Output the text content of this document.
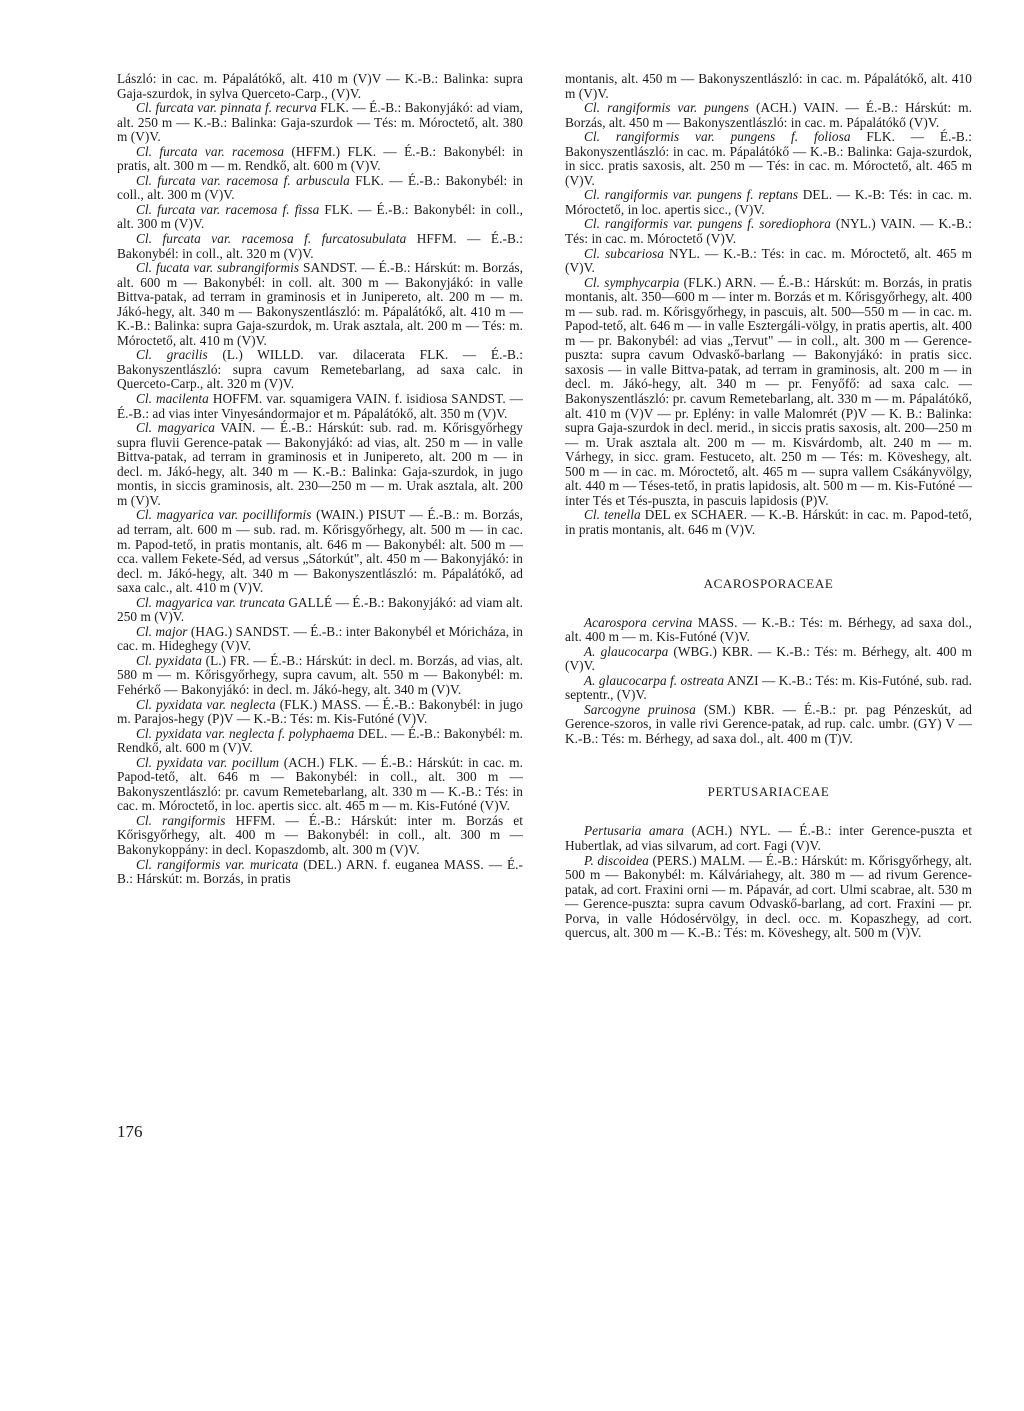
László: in cac. m. Pápalátókő, alt. 410 m (V)V — K.-B.: Balinka: supra Gaja-szurdok, in sylva Querceto-Carp., (V)V.

Cl. furcata var. pinnata f. recurva FLK. — É.-B.: Bakonyjákó: ad viam, alt. 250 m — K.-B.: Balinka: Gaja-szurdok — Tés: m. Móroctető, alt. 380 m (V)V.

Cl. furcata var. racemosa (HFFM.) FLK. — É.-B.: Bakonybél: in pratis, alt. 300 m — m. Rendkő, alt. 600 m (V)V.

Cl. furcata var. racemosa f. arbuscula FLK. — É.-B.: Bakonybél: in coll., alt. 300 m (V)V.

Cl. furcata var. racemosa f. fissa FLK. — É.-B.: Bakonybél: in coll., alt. 300 m (V)V.

Cl. furcata var. racemosa f. furcatosubulata HFFM. — É.-B.: Bakonybél: in coll., alt. 320 m (V)V.

Cl. fucata var. subrangiformis SANDST. — É.-B.: Hárskút: m. Borzás, alt. 600 m — Bakonybél: in coll. alt. 300 m — Bakonyjákó: in valle Bittva-patak, ad terram in graminosis et in Junipereto, alt. 200 m — m. Jákó-hegy, alt. 340 m — Bakonyszentlászló: m. Pápalátókő, alt. 410 m — K.-B.: Balinka: supra Gaja-szurdok, m. Urak asztala, alt. 200 m — Tés: m. Móroctető, alt. 410 m (V)V.

Cl. gracilis (L.) WILLD. var. dilacerata FLK. — É.-B.: Bakonyszentlászló: supra cavum Remetebarlang, ad saxa calc. in Querceto-Carp., alt. 320 m (V)V.

Cl. macilenta HOFFM. var. squamigera VAIN. f. isidiosa SANDST. — É.-B.: ad vias inter Vinyesándormajor et m. Pápalátókő, alt. 350 m (V)V.

Cl. magyarica VAIN. — É.-B.: Hárskút: sub. rad. m. Kőrisgyőrhegy supra fluvii Gerence-patak — Bakonyjákó: ad vias, alt. 250 m — in valle Bittva-patak, ad terram in graminosis et in Junipereto, alt. 200 m — in decl. m. Jákó-hegy, alt. 340 m — K.-B.: Balinka: Gaja-szurdok, in jugo montis, in siccis graminosis, alt. 230—250 m — m. Urak asztala, alt. 200 m (V)V.

Cl. magyarica var. pocilliformis (WAIN.) PISUT — É.-B.: m. Borzás, ad terram, alt. 600 m — sub. rad. m. Kőrisgyőrhegy, alt. 500 m — in cac. m. Papod-tető, in pratis montanis, alt. 646 m — Bakonybél: alt. 500 m — cca. vallem Fekete-Séd, ad versus „Sátorkút", alt. 450 m — Bakonyjákó: in decl. m. Jákó-hegy, alt. 340 m — Bakonyszentlászló: m. Pápalátókő, ad saxa calc., alt. 410 m (V)V.

Cl. magyarica var. truncata GALLÉ — É.-B.: Bakonyjákó: ad viam alt. 250 m (V)V.

Cl. major (HAG.) SANDST. — É.-B.: inter Bakonybél et Móricháza, in cac. m. Hideghegy (V)V.

Cl. pyxidata (L.) FR. — É.-B.: Hárskút: in decl. m. Borzás, ad vias, alt. 580 m — m. Kőrisgyőrhegy, supra cavum, alt. 550 m — Bakonybél: m. Fehérkő — Bakonyjákó: in decl. m. Jákó-hegy, alt. 340 m (V)V.

Cl. pyxidata var. neglecta (FLK.) MASS. — É.-B.: Bakonybél: in jugo m. Parajos-hegy (P)V — K.-B.: Tés: m. Kis-Futóné (V)V.

Cl. pyxidata var. neglecta f. polyphaema DEL. — É.-B.: Bakonybél: m. Rendkő, alt. 600 m (V)V.

Cl. pyxidata var. pocillum (ACH.) FLK. — É.-B.: Hárskút: in cac. m. Papod-tető, alt. 646 m — Bakonybél: in coll., alt. 300 m — Bakonyszentlászló: pr. cavum Remetebarlang, alt. 330 m — K.-B.: Tés: in cac. m. Móroctető, in loc. apertis sicc. alt. 465 m — m. Kis-Futóné (V)V.

Cl. rangiformis HFFM. — É.-B.: Hárskút: inter m. Borzás et Kőrisgyőrhegy, alt. 400 m — Bakonybél: in coll., alt. 300 m — Bakonykoppány: in decl. Kopaszdomb, alt. 300 m (V)V.

Cl. rangiformis var. muricata (DEL.) ARN. f. euganea MASS. — É.-B.: Hárskút: m. Borzás, in pratis

montanis, alt. 450 m — Bakonyszentlászló: in cac. m. Pápalátókő, alt. 410 m (V)V.

Cl. rangiformis var. pungens (ACH.) VAIN. — É.-B.: Hárskút: m. Borzás, alt. 450 m — Bakonyszentlászló: in cac. m. Pápalátókő (V)V.

Cl. rangiformis var. pungens f. foliosa FLK. — É.-B.: Bakonyszentlászló: in cac. m. Pápalátókő — K.-B.: Balinka: Gaja-szurdok, in sicc. pratis saxosis, alt. 250 m — Tés: in cac. m. Móroctető, alt. 465 m (V)V.

Cl. rangiformis var. pungens f. reptans DEL. — K.-B: Tés: in cac. m. Móroctető, in loc. apertis sicc., (V)V.

Cl. rangiformis var. pungens f. sorediophora (NYL.) VAIN. — K.-B.: Tés: in cac. m. Móroctető (V)V.

Cl. subcariosa NYL. — K.-B.: Tés: in cac. m. Móroctető, alt. 465 m (V)V.

Cl. symphycarpia (FLK.) ARN. — É.-B.: Hárskút: m. Borzás, in pratis montanis, alt. 350—600 m — inter m. Borzás et m. Kőrisgyőrhegy, alt. 400 m — sub. rad. m. Kőrisgyőrhegy, in pascuis, alt. 500—550 m — in cac. m. Papod-tető, alt. 646 m — in valle Esztergáli-völgy, in pratis apertis, alt. 400 m — pr. Bakonybél: ad vias „Tervut" — in coll., alt. 300 m — Gerence-puszta: supra cavum Odvaskő-barlang — Bakonyjákó: in pratis sicc. saxosis — in valle Bittva-patak, ad terram in graminosis, alt. 200 m — in decl. m. Jákó-hegy, alt. 340 m — pr. Fenyőfő: ad saxa calc. — Bakonyszentlászló: pr. cavum Remetebarlang, alt. 330 m — m. Pápalátókő, alt. 410 m (V)V — pr. Eplény: in valle Malomrét (P)V — K. B.: Balinka: supra Gaja-szurdok in decl. merid., in siccis pratis saxosis, alt. 200—250 m — m. Urak asztala alt. 200 m — m. Kisvárdomb, alt. 240 m — m. Várhegy, in sicc. gram. Festuceto, alt. 250 m — Tés: m. Köveshegy, alt. 500 m — in cac. m. Móroctető, alt. 465 m — supra vallem Csákányvölgy, alt. 440 m — Téses-tető, in pratis lapidosis, alt. 500 m — m. Kis-Futóné — inter Tés et Tés-puszta, in pascuis lapidosis (P)V.

Cl. tenella DEL ex SCHAER. — K.-B. Hárskút: in cac. m. Papod-tető, in pratis montanis, alt. 646 m (V)V.

ACAROSPORACEAE

Acarospora cervina MASS. — K.-B.: Tés: m. Bérhegy, ad saxa dol., alt. 400 m — m. Kis-Futóné (V)V.

A. glaucocarpa (WBG.) KBR. — K.-B.: Tés: m. Bérhegy, alt. 400 m (V)V.

A. glaucocarpa f. ostreata ANZI — K.-B.: Tés: m. Kis-Futóné, sub. rad. septentr., (V)V.

Sarcogyne pruinosa (SM.) KBR. — É.-B.: pr. pag Pénzeskút, ad Gerence-szoros, in valle rivi Gerence-patak, ad rup. calc. umbr. (GY) V — K.-B.: Tés: m. Bérhegy, ad saxa dol., alt. 400 m (T)V.

PERTUSARIACEAE

Pertusaria amara (ACH.) NYL. — É.-B.: inter Gerence-puszta et Hubertlak, ad vias silvarum, ad cort. Fagi (V)V.

P. discoidea (PERS.) MALM. — É.-B.: Hárskút: m. Kőrisgyőrhegy, alt. 500 m — Bakonybél: m. Kálváriahegy, alt. 380 m — ad rivum Gerence-patak, ad cort. Fraxini orni — m. Pápavár, ad cort. Ulmi scabrae, alt. 530 m — Gerence-puszta: supra cavum Odvaskő-barlang, ad cort. Fraxini — pr. Porva, in valle Hódosérvölgy, in decl. occ. m. Kopaszhegy, ad cort. quercus, alt. 300 m — K.-B.: Tés: m. Köveshegy, alt. 500 m (V)V.

176
